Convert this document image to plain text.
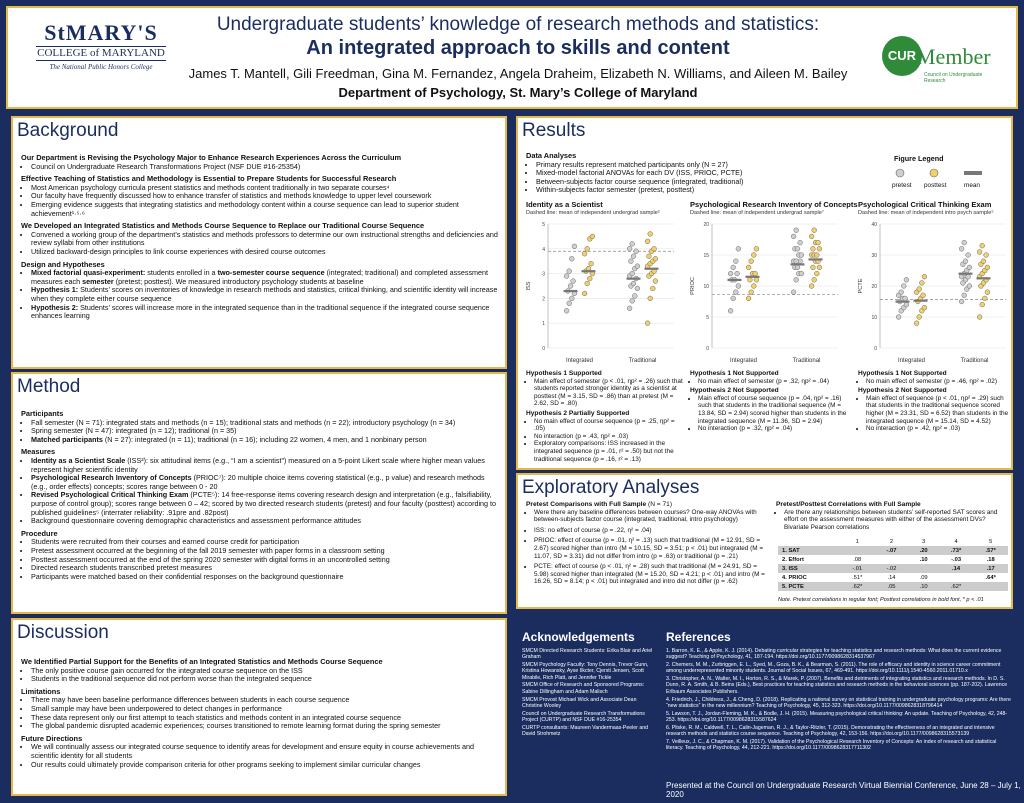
StMARY'S
COLLEGE of MARYLAND
The National Public Honors College
Undergraduate students’ knowledge of research methods and statistics:
An integrated approach to skills and content
James T. Mantell, Gili Freedman, Gina M. Fernandez, Angela Draheim, Elizabeth N. Williams, and Aileen M. Bailey
Department of Psychology, St. Mary’s College of Maryland
CUR Member
Council on Undergraduate Research
Background
Our Department is Revising the Psychology Major to Enhance Research Experiences Across the Curriculum
• Council on Undergraduate Research Transformations Project (NSF DUE #16-25354)
Effective Teaching of Statistics and Methodology is Essential to Prepare Students for Successful Research
• Most American psychology curricula present statistics and methods content traditionally in two separate courses⁴
• Our faculty have frequently discussed how to enhance transfer of statistics and methods knowledge to upper level coursework
• Emerging evidence suggests that integrating statistics and methodology content within a course sequence can lead to superior student achievement¹·⁵·⁶
We Developed an Integrated Statistics and Methods Course Sequence to Replace our Traditional Course Sequence
• Convened a working group of the department’s statistics and methods professors to determine our own instructional strengths and deficiencies and review syllabi from other institutions
• Utilized backward-design principles to link course experiences with desired course outcomes
Design and Hypotheses
• Mixed factorial quasi-experiment: students enrolled in a two-semester course sequence (integrated; traditional) and completed assessment measures each semester (pretest; posttest). We measured introductory psychology students at baseline
• Hypothesis 1: Students’ scores on inventories of knowledge in research methods and statistics, critical thinking, and scientific identity will increase when they complete either course sequence
• Hypothesis 2: Students’ scores will increase more in the integrated sequence than in the traditional sequence if the integrated course sequence enhances learning
Method
Participants
• Fall semester (N = 71): integrated stats and methods (n = 15); traditional stats and methods (n = 22); introductory psychology (n = 34)
• Spring semester (N = 47): integrated (n = 12); traditional (n = 35)
• Matched participants (N = 27): integrated (n = 11); traditional (n = 16); including 22 women, 4 men, and 1 nonbinary person
Measures
• Identity as a Scientist Scale (ISS²): six attitudinal items (e.g., “I am a scientist”) measured on a 5-point Likert scale where higher mean values represent higher scientific identity
• Psychological Research Inventory of Concepts (PRIOC⁷): 20 multiple choice items covering statistical (e.g., p value) and research methods (e.g., order effects) concepts; scores range between 0 - 20
• Revised Psychological Critical Thinking Exam (PCTE⁵): 14 free-response items covering research design and interpretation (e.g., falsifiability, purpose of control group); scores range between 0 – 42; scored by two directed research students (pretest) and four faculty (posttest) according to published guidelines⁵ (interrater reliability: .91pre and .82post)
• Background questionnaire covering demographic characteristics and assessment performance attitudes
Procedure
• Students were recruited from their courses and earned course credit for participation
• Pretest assessment occurred at the beginning of the fall 2019 semester with paper forms in a classroom setting
• Posttest assessment occurred at the end of the spring 2020 semester with digital forms in an uncontrolled setting
• Directed research students transcribed pretest measures
• Participants were matched based on their confidential responses on the background questionnaire
Discussion
We Identified Partial Support for the Benefits of an Integrated Statistics and Methods Course Sequence
• The only positive course gain occurred for the integrated course sequence on the ISS
• Students in the traditional sequence did not perform worse than the integrated sequence
Limitations
• There may have been baseline performance differences between students in each course sequence
• Small sample may have been underpowered to detect changes in performance
• These data represent only our first attempt to teach statistics and methods content in an integrated course sequence
• The global pandemic disrupted academic experiences; courses transitioned to remote learning format during the spring semester
Future Directions
• We will continually assess our integrated course sequence to identify areas for development and ensure equity in course achievements and scientific identity for all students
• Our results could ultimately provide comparison criteria for other programs seeking to implement similar curricular changes
Results
Data Analyses
• Primary results represent matched participants only (N = 27)
• Mixed-model factorial ANOVAs for each DV (ISS, PRIOC, PCTE)
• Between-subjects factor course sequence (integrated, traditional)
• Within-subjects factor semester (pretest, posttest)
Figure Legend
pretest posttest	mean
Identity as a Scientist
Dashed line: mean of independent undergrad sample²
Psychological Research Inventory of Concepts
Dashed line: mean of independent undergrad sample⁷
Psychological Critical Thinking Exam
Dashed line: mean of independent intro psych sample⁵
0
1
2
3
4
5
ISS
Integrated	Traditional
0
5
10
15
20
PRIOC
Integrated	Traditional
0
10
20
30
40
PCTE
Integrated	Traditional
Hypothesis 1 Supported
• Main effect of semester (p < .01, ηp² = .26) such that students reported stronger identity as a scientist at posttest (M = 3.15, SD = .86) than at pretest (M = 2.62, SD = .80)
Hypothesis 2 Partially Supported
• No main effect of course sequence (p = .25, ηp² = .05)
• No interaction (p = .43, ηp² = .03)
• Exploratory comparisons: ISS increased in the integrated sequence (p = .01, r² = .50) but not the traditional sequence (p = .16, r² = .13)
Hypothesis 1 Not Supported
• No main effect of semester (p = .32, ηp² = .04)
Hypothesis 2 Not Supported
• Main effect of course sequence (p = .04, ηp² = .16) such that students in the traditional sequence (M = 13.84, SD = 2.94) scored higher than students in the integrated sequence (M = 11.36, SD = 2.94)
• No interaction (p = .32, ηp² = .04)
Hypothesis 1 Not Supported
• No main effect of semester (p = .46, ηp² = .02)
Hypothesis 2 Not Supported
• Main effect of sequence (p < .01, ηp² = .29) such that students in the traditional sequence scored higher (M = 23.31, SD = 6.52) than students in the integrated sequence (M = 15.14, SD = 4.52)
• No interaction (p = .42, ηp² = .03)
Exploratory Analyses
Pretest Comparisons with Full Sample (N = 71)
• Were there any baseline differences between courses? One-way ANOVAs with between-subjects factor course (integrated, traditional, intro psychology)
• ISS: no effect of course (p = .22, η² = .04)
• PRIOC: effect of course (p = .01, η² = .13) such that traditional (M = 12.91, SD = 2.67) scored higher than intro (M = 10.15, SD = 3.51; p < .01) but integrated (M = 11.07, SD = 3.31) did not differ from intro (p = .63) or traditional (p = .21)
• PCTE: effect of course (p < .01, η² = .28) such that traditional (M = 24.91, SD = 5.98) scored higher than integrated (M = 15.20, SD = 4.21; p < .01) and intro (M = 16.26, SD = 8.14; p < .01) but integrated and intro did not differ (p = .62)
Pretest/Posttest Correlations with Full Sample
• Are there any relationships between students’ self-reported SAT scores and effort on the assessment measures with either of the assessment DVs? Bivariate Pearson correlations
	1	2	3	4	5
1. SAT		-.07	.20	.73*	.57*
2. Effort	.08		.10	-.03	.18
3. ISS	-.01	-.02		.14	.17
4. PRIOC	.51*	.14	.09		.64*
5. PCTE	.62*	.05	.10	.62*	
Note. Pretest correlations in regular font; Posttest correlations in bold font, * p < .01
Acknowledgements
SMCM Directed Research Students: Erika Blair and Ariel Graham
SMCM Psychology Faculty: Tony Dennis, Trevor Gunn, Kristina Howansky, Ayse Ilkcter, Cjersti Jensen, Scott Mirabile, Rich Platt, and Jennifer Tickle
SMCM Office of Research and Sponsored Programs: Sabine Dillingham and Adam Malisch
SMCM Provost Michael Wick and Associate Dean Christine Wooley
Council on Undergraduate Research Transformations Project (CURTP) and NSF DUE #16-25354
CURTP consultants: Maureen Vandermaas-Peeler and David Strohmetz
References
1. Barron, K. E., & Apple, K. J. (2014). Debating curricular strategies for teaching statistics and research methods: What does the current evidence suggest? Teaching of Psychology, 41, 187-194. https://doi.org/10.1177/0098628314537967
2. Chemers, M. M., Zurbriggen, E. L., Syed, M., Goza, B. K., & Bearman, S. (2011). The role of efficacy and identity in science career commitment among underrepresented minority students. Journal of Social Issues, 67, 469-491. https://doi.org/10.1111/j.1540-4560.2011.01710.x
3. Christopher, A. N., Walter, M. I., Horton, R. S., & Marek, P. (2007). Benefits and detriments of integrating statistics and research methods. In D. S. Dunn, R. A. Smith, & B. Beins (Eds.), Best practices for teaching statistics and research methods in the behavioral sciences (pp. 187-202). Lawrence Erlbaum Associates Publishers.
4. Friedrich, J., Childress, J., & Cheng, D. (2018). Replicating a national survey on statistical training in undergraduate psychology programs: Are there “new statistics” in the new millennium? Teaching of Psychology, 45, 312-323. https://doi.org/10.1177/0098628318796414
5. Lawson, T. J., Jordan-Fleming, M. K., & Bodle, J. H. (2015). Measuring psychological critical thinking: An update. Teaching of Psychology, 42, 248-253. https://doi.org/10.1177/0098628315587624
6. Pliske, R. M., Caldwell, T. L., Calin-Jageman, R. J., & Taylor-Ritzler, T. (2015). Demonstrating the effectiveness of an integrated and intensive research methods and statistics course sequence. Teaching of Psychology, 42, 153-156. https://doi.org/10.1177/0098628315573139
7. Veilleux, J. C., & Chapman, K. M. (2017). Validation of the Psychological Research Inventory of Concepts: An index of research and statistical literacy. Teaching of Psychology, 44, 212-221. https://doi.org/10.1177/0098628317711302
Presented at the Council on Undergraduate Research Virtual Biennial Conference, June 28 – July 1, 2020
